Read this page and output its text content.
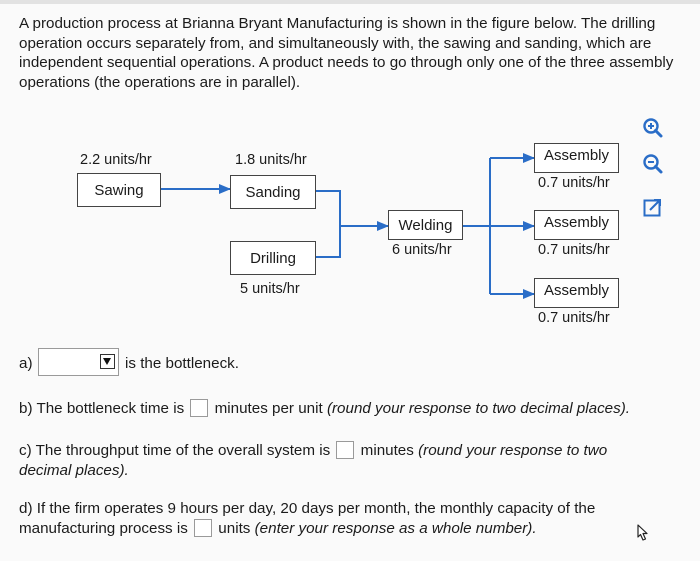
A production process at Brianna Bryant Manufacturing is shown in the figure below. The drilling operation occurs separately from, and simultaneously with, the sawing and sanding, which are independent sequential operations. A product needs to go through only one of the three assembly operations (the operations are in parallel).

2.2 units/hr
Sawing
1.8 units/hr
Sanding
Drilling
5 units/hr
Welding
6 units/hr
Assembly
0.7 units/hr
Assembly
0.7 units/hr
Assembly
0.7 units/hr
a)	is the bottleneck.

b) The bottleneck time is minutes per unit (round your response to two decimal places).

c) The throughput time of the overall system is minutes (round your response to two

decimal places).

d) If the firm operates 9 hours per day, 20 days per month, the monthly capacity of the

manufacturing process is units (enter your response as a whole number).
